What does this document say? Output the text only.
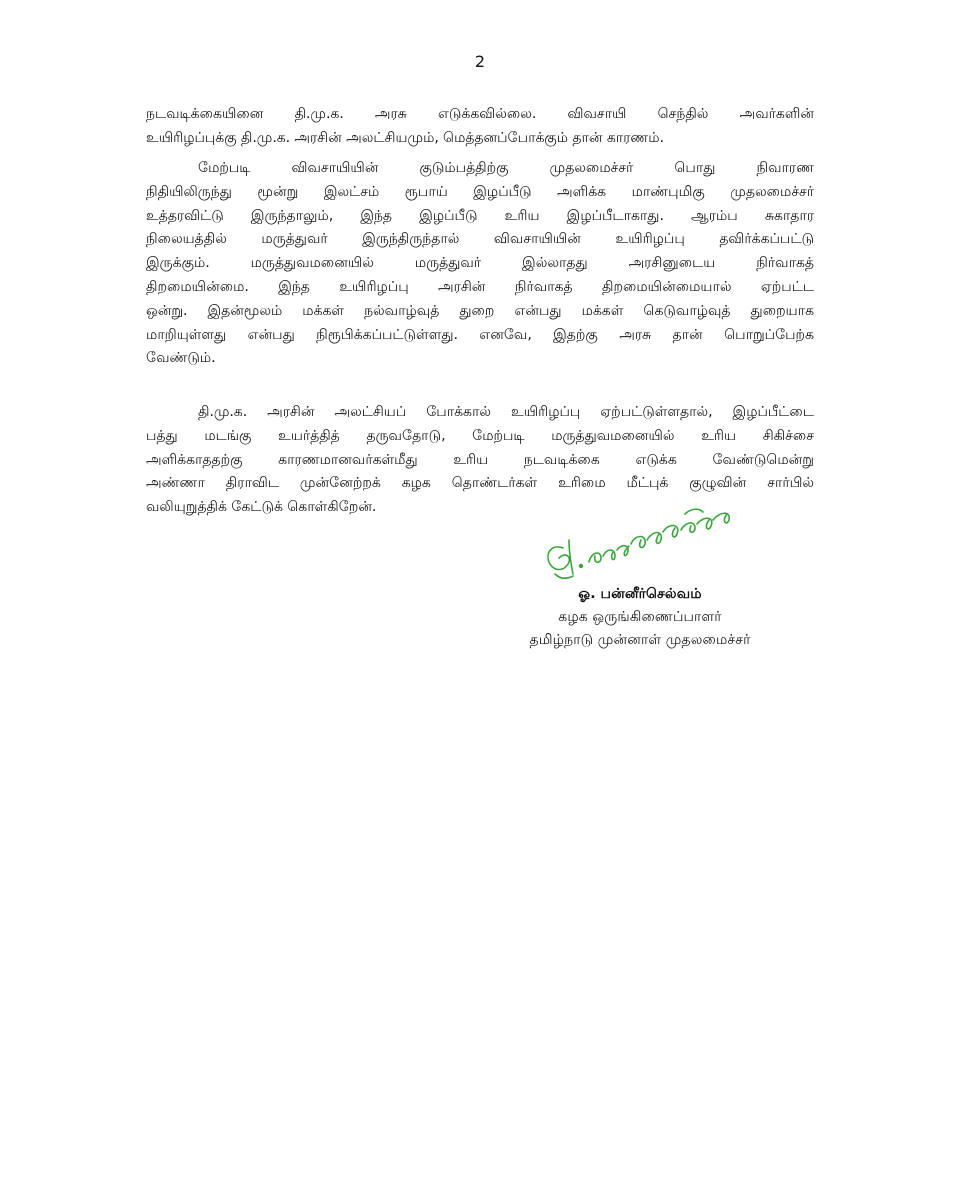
2

நடவடிக்கையினை தி.மு.க. அரசு எடுக்கவில்லை. விவசாயி செந்தில் அவர்களின்
உயிரிழப்புக்கு தி.மு.க. அரசின் அலட்சியமும், மெத்தனப்போக்கும் தான் காரணம்.

மேற்படி விவசாயியின் குடும்பத்திற்கு முதலமைச்சர் பொது நிவாரண
நிதியிலிருந்து மூன்று இலட்சம் ரூபாய் இழப்பீடு அளிக்க மாண்புமிகு முதலமைச்சர்
உத்தரவிட்டு இருந்தாலும், இந்த இழப்பீடு உரிய இழப்பீடாகாது. ஆரம்ப சுகாதார
நிலையத்தில் மருத்துவர் இருந்திருந்தால் விவசாயியின் உயிரிழப்பு தவிர்க்கப்பட்டு
இருக்கும். மருத்துவமனையில் மருத்துவர் இல்லாதது அரசினுடைய நிர்வாகத்
திறமையின்மை. இந்த உயிரிழப்பு அரசின் நிர்வாகத் திறமையின்மையால் ஏற்பட்ட
ஒன்று. இதன்மூலம் மக்கள் நல்வாழ்வுத் துறை என்பது மக்கள் கெடுவாழ்வுத் துறையாக
மாறியுள்ளது என்பது நிரூபிக்கப்பட்டுள்ளது. எனவே, இதற்கு அரசு தான் பொறுப்பேற்க
வேண்டும்.

தி.மு.க. அரசின் அலட்சியப் போக்கால் உயிரிழப்பு ஏற்பட்டுள்ளதால், இழப்பீட்டை
பத்து மடங்கு உயர்த்தித் தருவதோடு, மேற்படி மருத்துவமனையில் உரிய சிகிச்சை
அளிக்காததற்கு காரணமானவர்கள்மீது உரிய நடவடிக்கை எடுக்க வேண்டுமென்று
அண்ணா திராவிட முன்னேற்றக் கழக தொண்டர்கள் உரிமை மீட்புக் குழுவின் சார்பில்
வலியுறுத்திக் கேட்டுக் கொள்கிறேன்.

ஓ. பன்னீர்செல்வம்
கழக ஒருங்கிணைப்பாளர்
தமிழ்நாடு முன்னாள் முதலமைச்சர்
